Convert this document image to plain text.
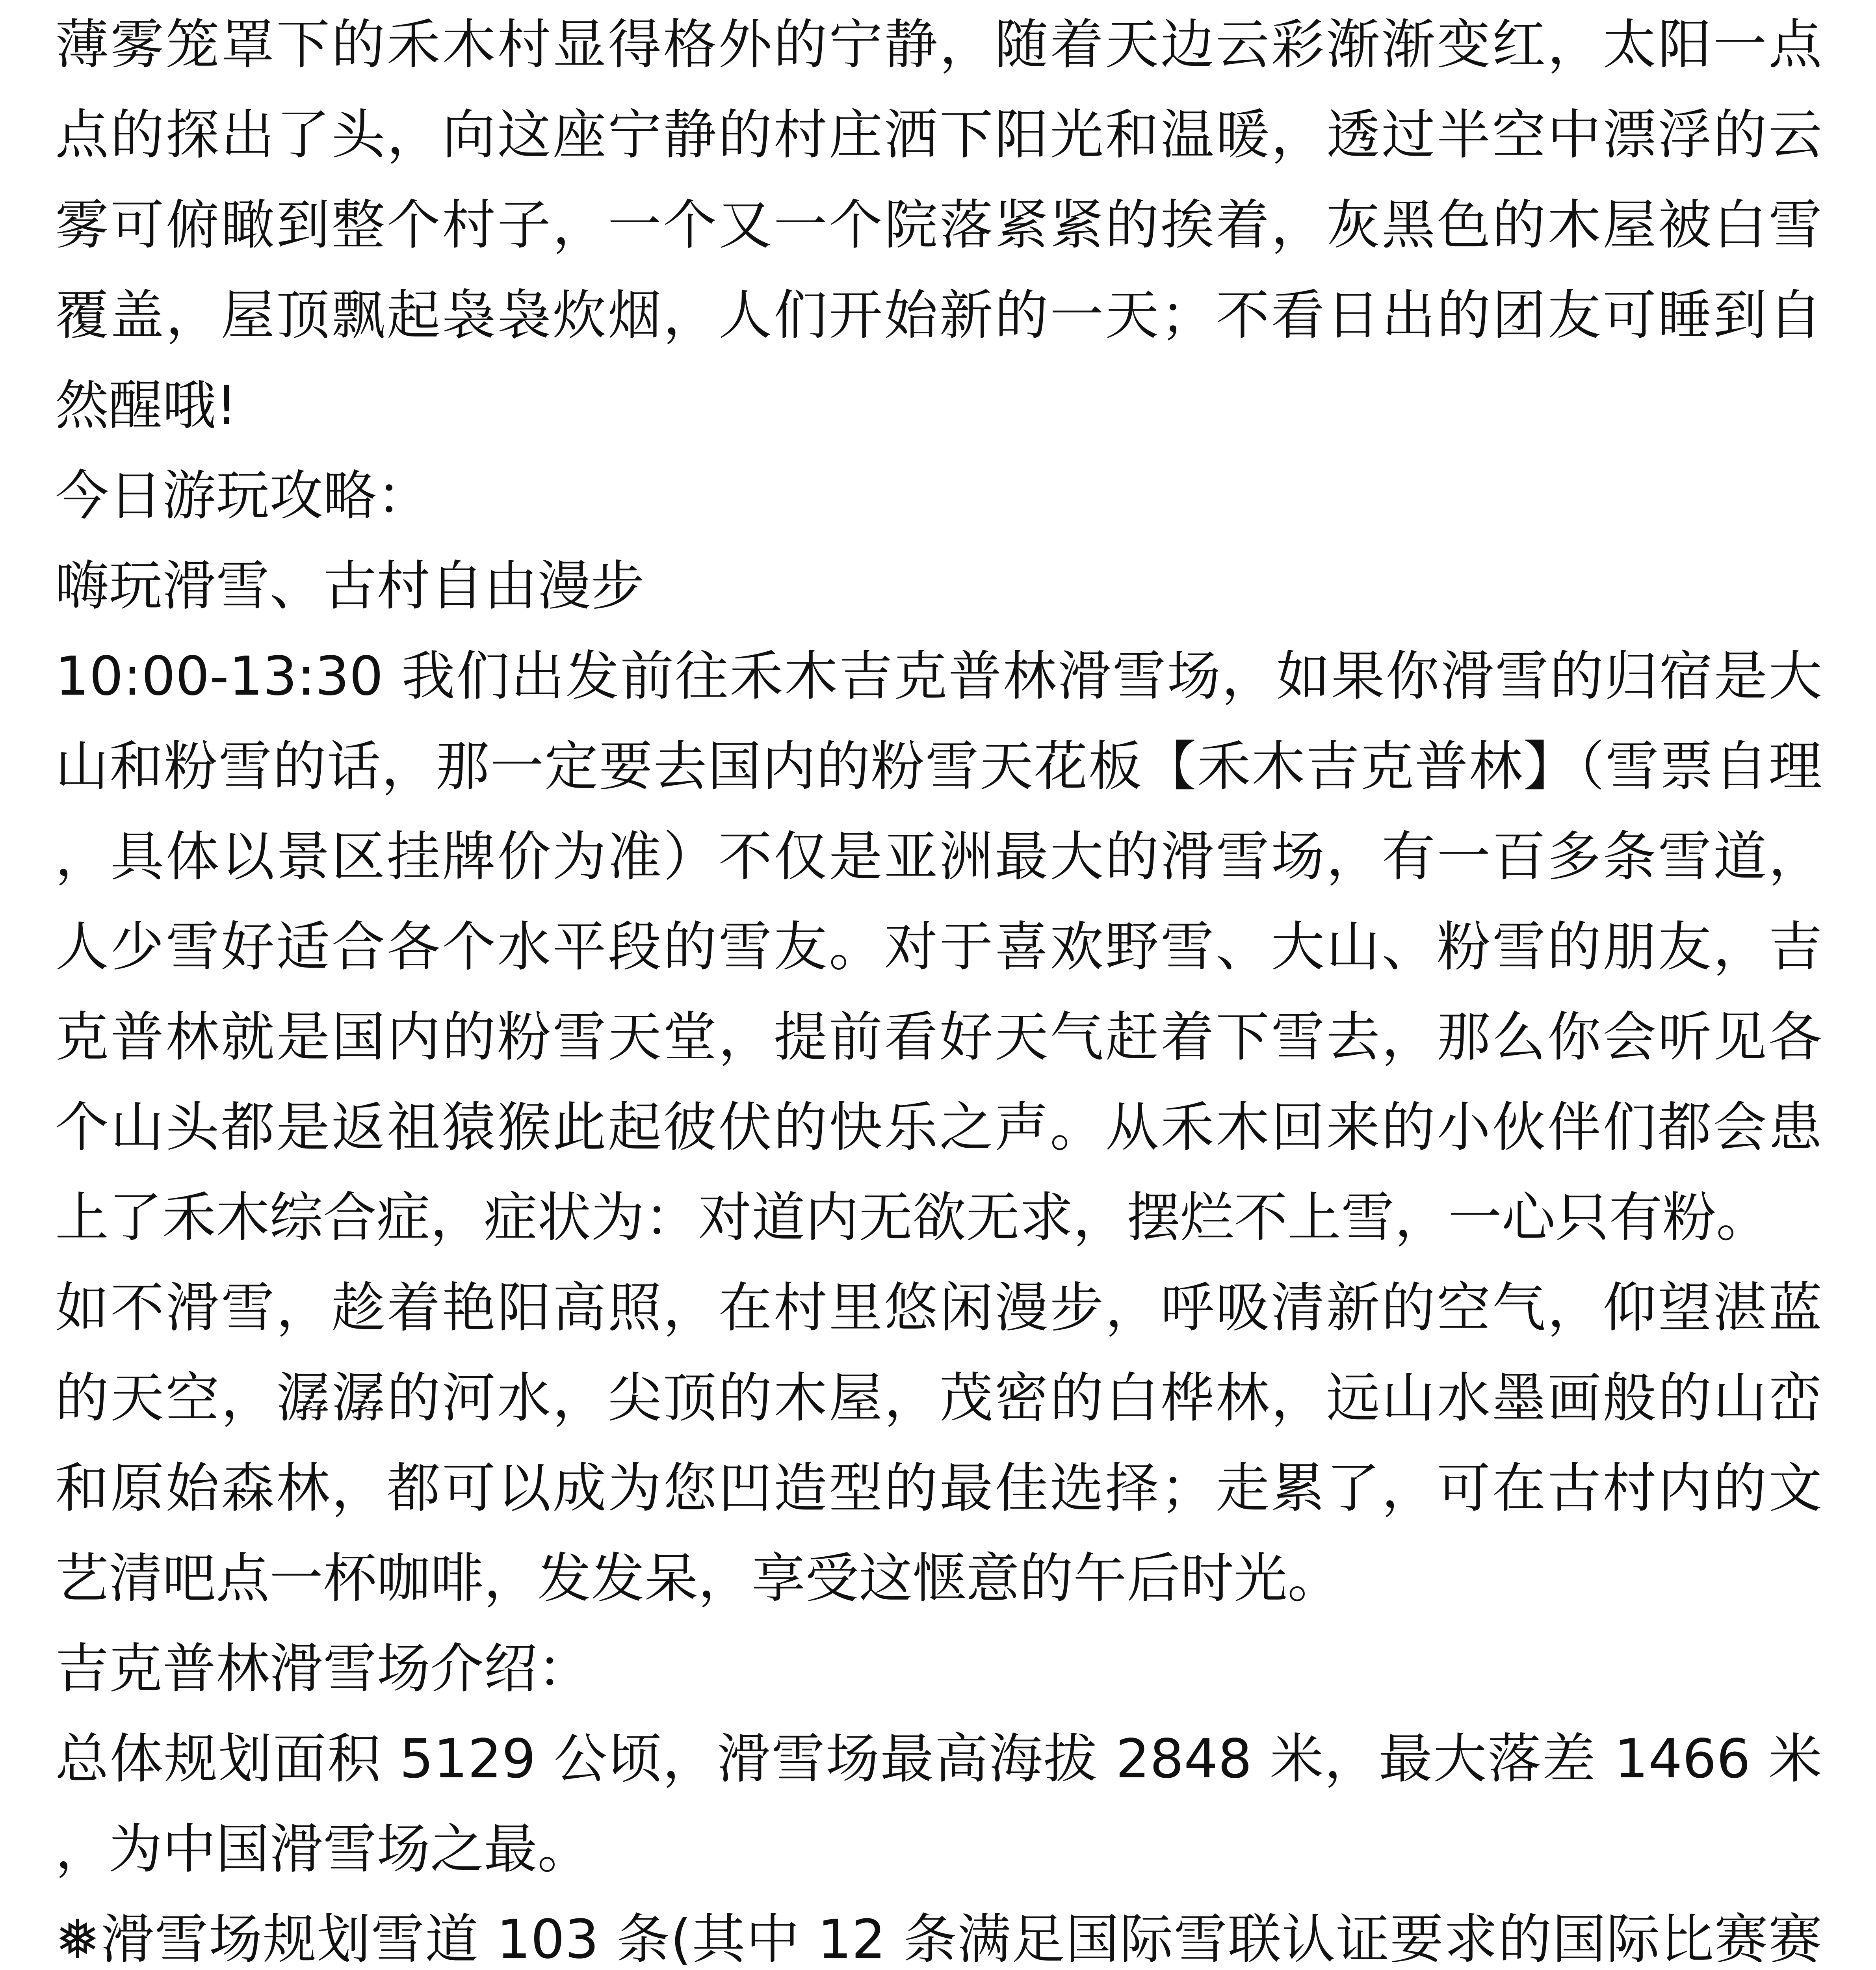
薄雾笼罩下的禾木村显得格外的宁静，随着天边云彩渐渐变红，太阳一点点的探出了头，向这座宁静的村庄洒下阳光和温暖，透过半空中漂浮的云雾可俯瞰到整个村子，一个又一个院落紧紧的挨着，灰黑色的木屋被白雪覆盖，屋顶飘起袅袅炊烟，人们开始新的一天；不看日出的团友可睡到自然醒哦!

今日游玩攻略：

嗨玩滑雪、古村自由漫步

10:00-13:30 我们出发前往禾木吉克普林滑雪场，如果你滑雪的归宿是大山和粉雪的话，那一定要去国内的粉雪天花板【禾木吉克普林】（雪票自理，具体以景区挂牌价为准）不仅是亚洲最大的滑雪场，有一百多条雪道，人少雪好适合各个水平段的雪友。对于喜欢野雪、大山、粉雪的朋友，吉克普林就是国内的粉雪天堂，提前看好天气赶着下雪去，那么你会听见各个山头都是返祖猿猴此起彼伏的快乐之声。从禾木回来的小伙伴们都会患上了禾木综合症，症状为：对道内无欲无求，摆烂不上雪，一心只有粉。

如不滑雪，趁着艳阳高照，在村里悠闲漫步，呼吸清新的空气，仰望湛蓝的天空，潺潺的河水，尖顶的木屋，茂密的白桦林，远山水墨画般的山峦和原始森林，都可以成为您凹造型的最佳选择；走累了，可在古村内的文艺清吧点一杯咖啡，发发呆，享受这惬意的午后时光。

吉克普林滑雪场介绍：

总体规划面积 5129 公顷，滑雪场最高海拔 2848 米，最大落差 1466 米，为中国滑雪场之最。

❅滑雪场规划雪道 103 条(其中 12 条满足国际雪联认证要求的国际比赛赛
